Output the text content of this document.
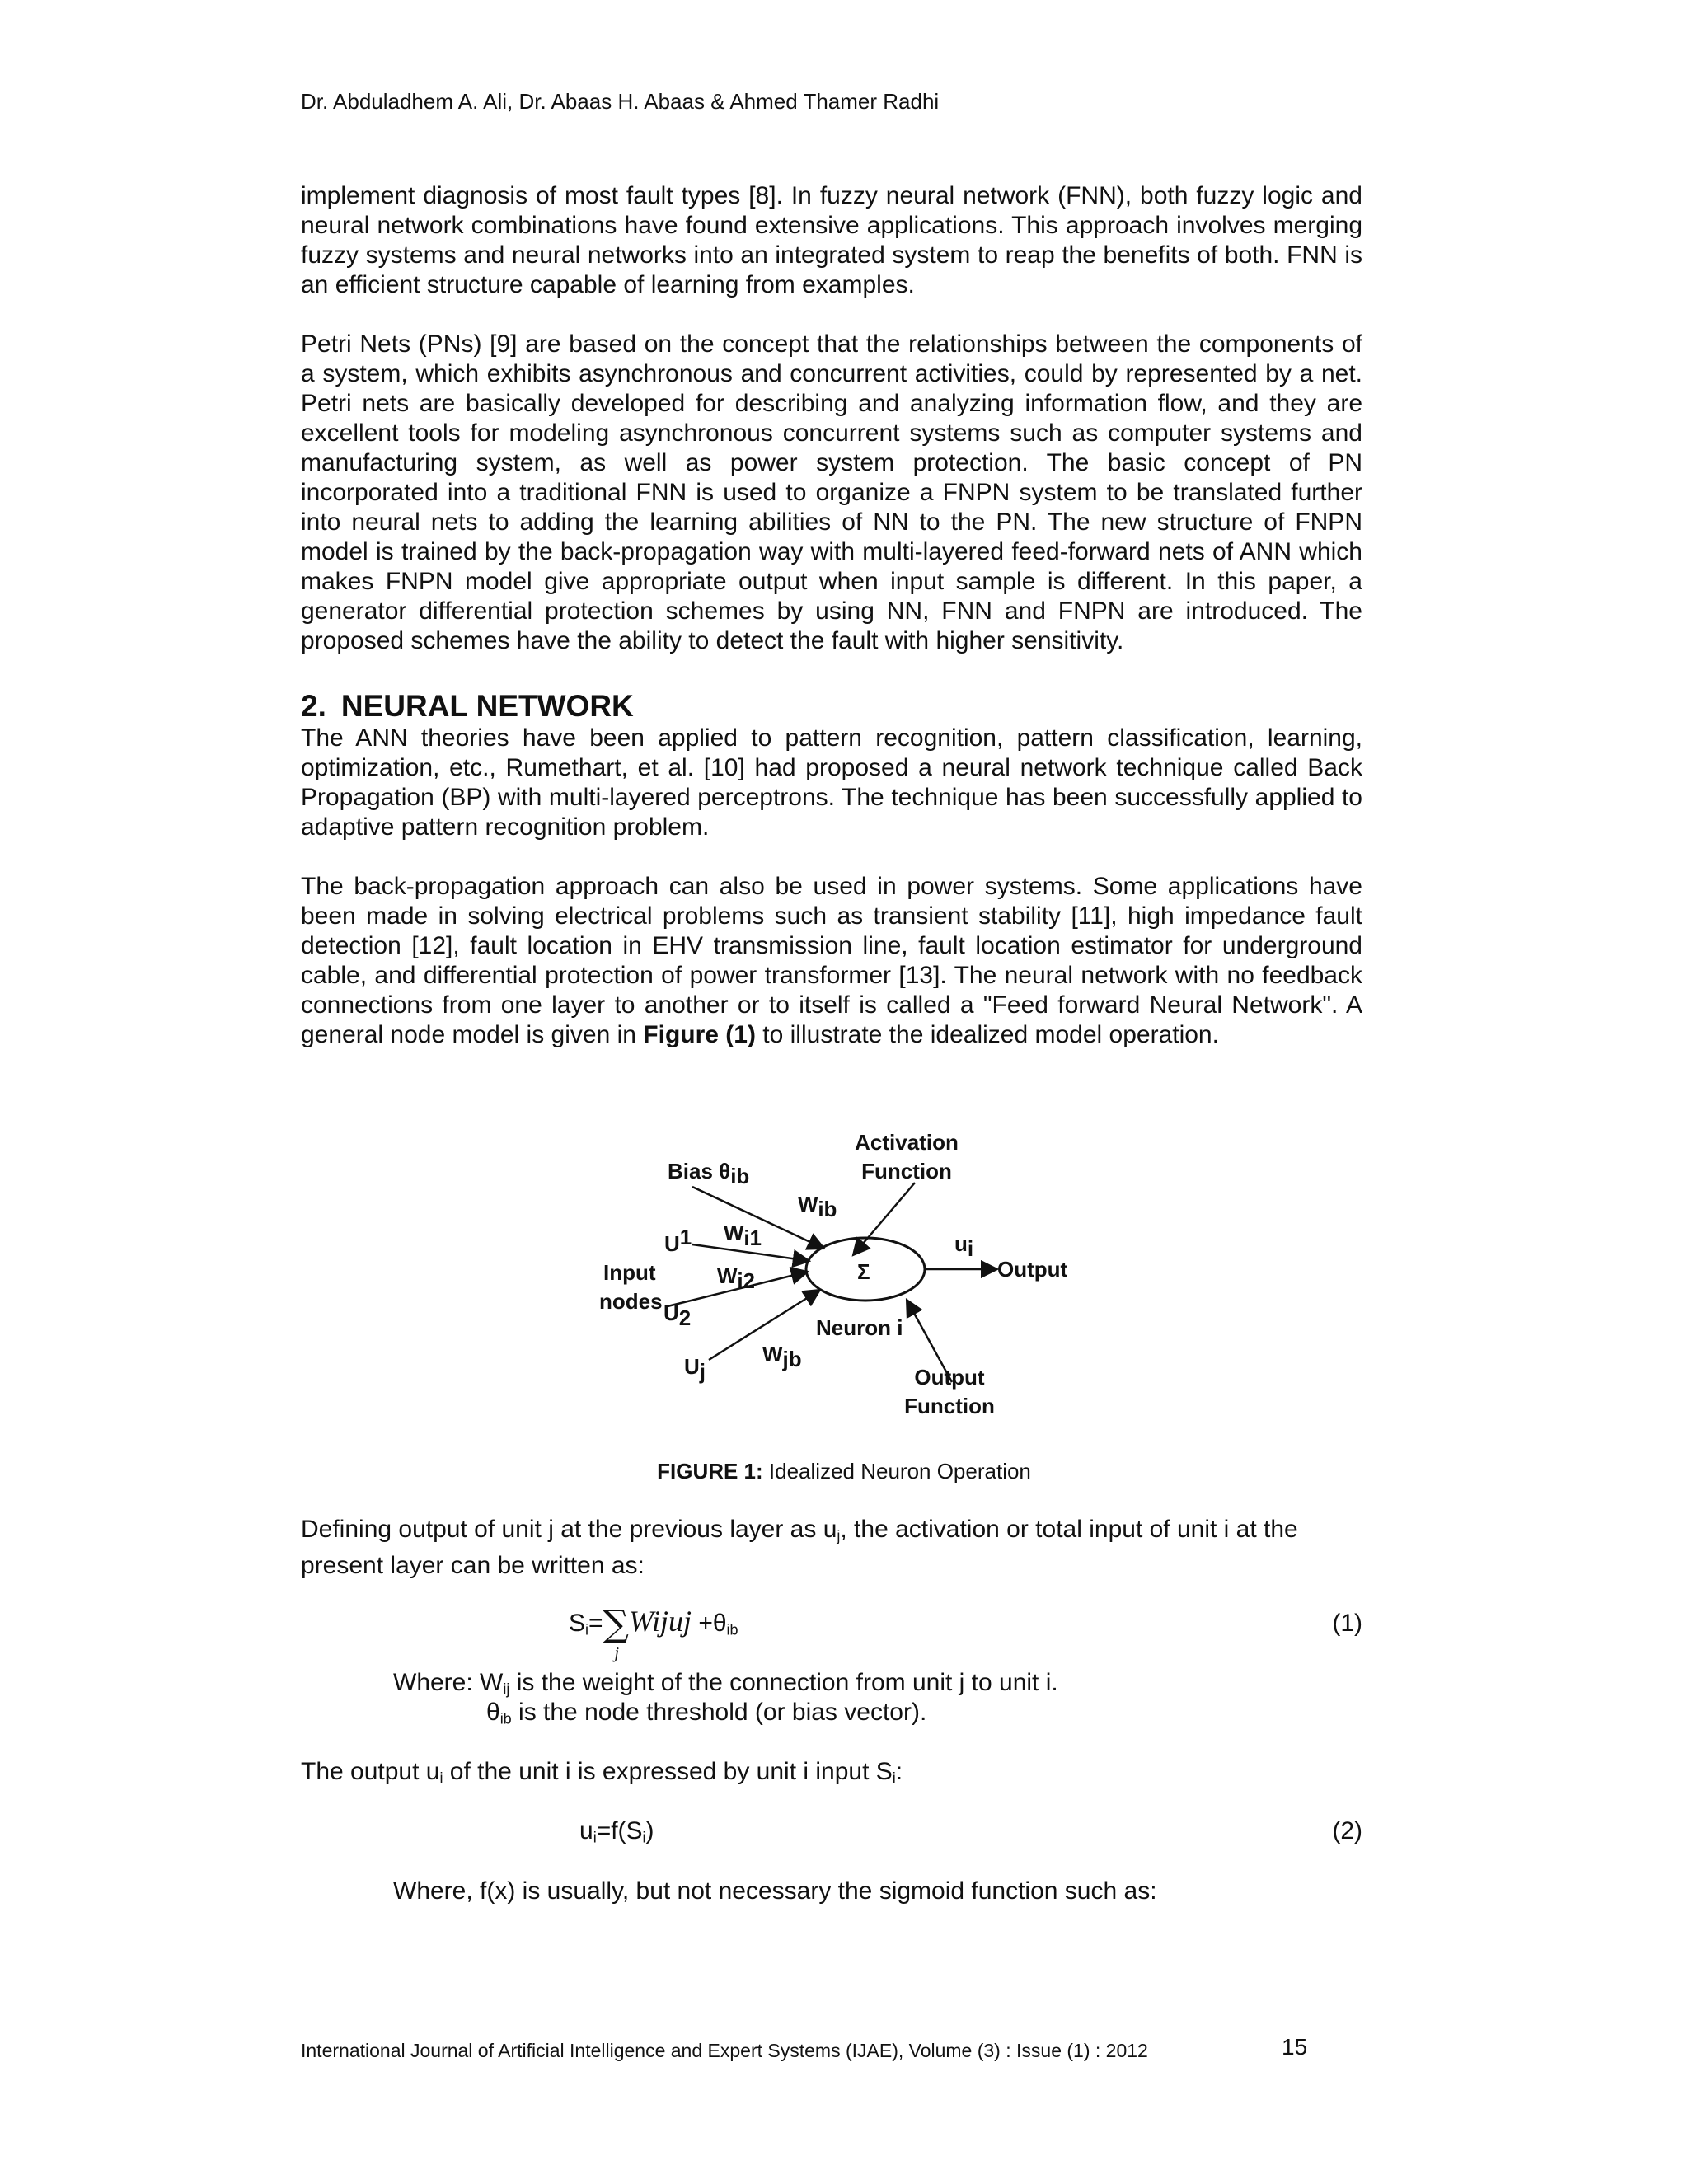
Dr. Abduladhem A. Ali, Dr. Abaas H. Abaas & Ahmed Thamer Radhi

implement diagnosis of most fault types [8]. In fuzzy neural network (FNN), both fuzzy logic and neural network combinations have found extensive applications. This approach involves merging fuzzy systems and neural networks into an integrated system to reap the benefits of both. FNN is an efficient structure capable of learning from examples.

Petri Nets (PNs) [9] are based on the concept that the relationships between the components of a system, which exhibits asynchronous and concurrent activities, could by represented by a net. Petri nets are basically developed for describing and analyzing information flow, and they are excellent tools for modeling asynchronous concurrent systems such as computer systems and manufacturing system, as well as power system protection. The basic concept of PN incorporated into a traditional FNN is used to organize a FNPN system to be translated further into neural nets to adding the learning abilities of NN to the PN. The new structure of FNPN model is trained by the back-propagation way with multi-layered feed-forward nets of ANN which makes FNPN model give appropriate output when input sample is different. In this paper, a generator differential protection schemes by using NN, FNN and FNPN are introduced. The proposed schemes have the ability to detect the fault with higher sensitivity.

2. NEURAL NETWORK

The ANN theories have been applied to pattern recognition, pattern classification, learning, optimization, etc., Rumethart, et al. [10] had proposed a neural network technique called Back Propagation (BP) with multi-layered perceptrons. The technique has been successfully applied to adaptive pattern recognition problem.

The back-propagation approach can also be used in power systems. Some applications have been made in solving electrical problems such as transient stability [11], high impedance fault detection [12], fault location in EHV transmission line, fault location estimator for underground cable, and differential protection of power transformer [13]. The neural network with no feedback connections from one layer to another or to itself is called a "Feed forward Neural Network". A general node model is given in Figure (1) to illustrate the idealized model operation.

Bias θib
Wib
Activation
Function
U1 Wi1
Input
nodes
Wi2
U2
Σ
Neuron i
ui
Output
Wjb
Uj	Output
Function
FIGURE 1: Idealized Neuron Operation
Defining output of unit j at the previous layer as $u_j$, the activation or total input of unit i at the
present layer can be written as:
$S_i=\sum$
j
Wijuj $+\theta_{ib}$	(1)
Where: $W_{ij}$ is the weight of the connection from unit j to unit i.
$\theta_{ib}$ is the node threshold (or bias vector).
The output $u_i$ of the unit i is expressed by unit i input $S_i$:
$u_i=f(S_i)$	(2)
Where, f(x) is usually, but not necessary the sigmoid function such as:
International Journal of Artificial Intelligence and Expert Systems (IJAE), Volume (3) : Issue (1) : 2012	15
